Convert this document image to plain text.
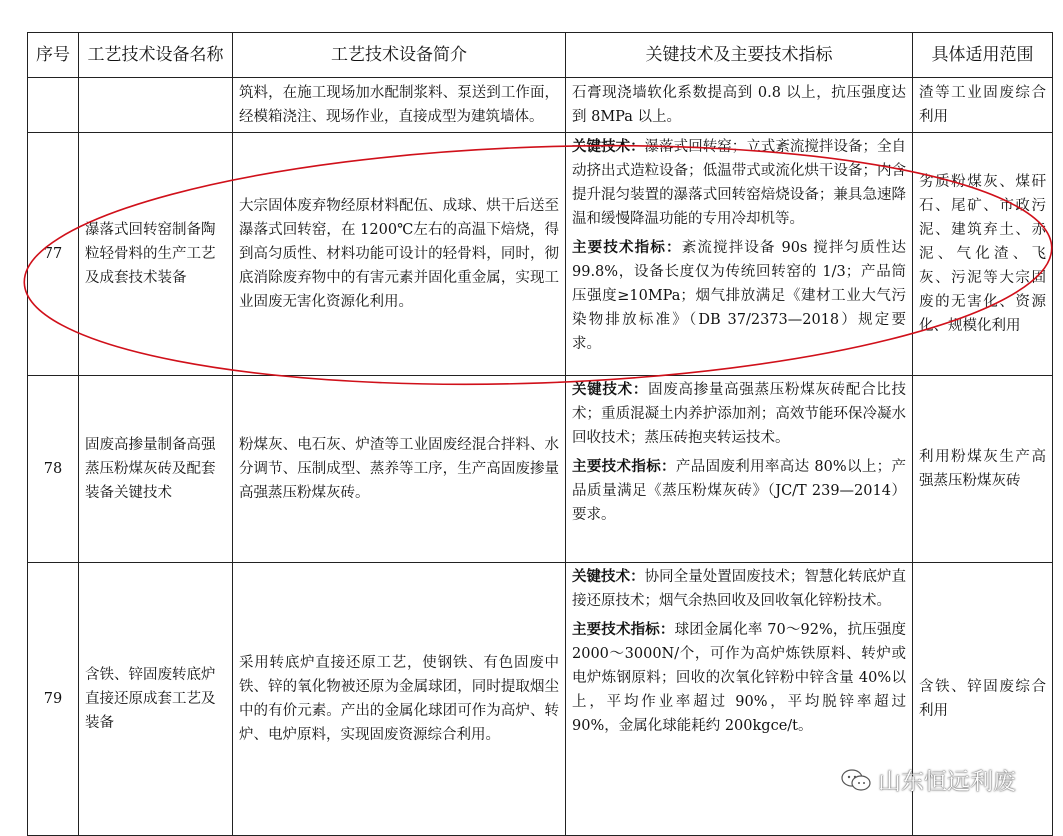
序号	工艺技术设备名称	工艺技术设备简介	关键技术及主要技术指标	具体适用范围
		筑料，在施工现场加水配制浆料、泵送到工作面，经模箱浇注、现场作业，直接成型为建筑墙体。	石膏现浇墙软化系数提高到 0.8 以上，抗压强度达到 8MPa 以上。	渣等工业固废综合利用
77	瀑落式回转窑制备陶粒轻骨料的生产工艺及成套技术装备	大宗固体废弃物经原材料配伍、成球、烘干后送至瀑落式回转窑，在 1200℃左右的高温下焙烧，得到高匀质性、材料功能可设计的轻骨料，同时，彻底消除废弃物中的有害元素并固化重金属，实现工业固废无害化资源化利用。	关键技术：瀑落式回转窑；立式紊流搅拌设备；全自动挤出式造粒设备；低温带式或流化烘干设备；内含提升混匀装置的瀑落式回转窑焙烧设备；兼具急速降温和缓慢降温功能的专用冷却机等。
主要技术指标：紊流搅拌设备 90s 搅拌匀质性达 99.8%，设备长度仅为传统回转窑的 1/3；产品筒压强度≥10MPa；烟气排放满足《建材工业大气污染物排放标准》（DB 37/2373—2018）规定要求。	劣质粉煤灰、煤矸石、尾矿、市政污泥、建筑弃土、赤泥、气化渣、飞灰、污泥等大宗固废的无害化、资源化、规模化利用
78	固废高掺量制备高强蒸压粉煤灰砖及配套装备关键技术	粉煤灰、电石灰、炉渣等工业固废经混合拌料、水分调节、压制成型、蒸养等工序，生产高固废掺量高强蒸压粉煤灰砖。	关键技术：固废高掺量高强蒸压粉煤灰砖配合比技术；重质混凝土内养护添加剂；高效节能环保冷凝水回收技术；蒸压砖抱夹转运技术。
主要技术指标：产品固废利用率高达 80%以上；产品质量满足《蒸压粉煤灰砖》（JC/T 239—2014）要求。	利用粉煤灰生产高强蒸压粉煤灰砖
79	含铁、锌固废转底炉直接还原成套工艺及装备	采用转底炉直接还原工艺，使钢铁、有色固废中铁、锌的氧化物被还原为金属球团，同时提取烟尘中的有价元素。产出的金属化球团可作为高炉、转炉、电炉原料，实现固废资源综合利用。	关键技术：协同全量处置固废技术；智慧化转底炉直接还原技术；烟气余热回收及回收氧化锌粉技术。
主要技术指标：球团金属化率 70～92%，抗压强度 2000～3000N/个，可作为高炉炼铁原料、转炉或电炉炼钢原料；回收的次氧化锌粉中锌含量 40%以上，平均作业率超过 90%，平均脱锌率超过 90%，金属化球能耗约 200kgce/t。	含铁、锌固废综合利用
山东恒远利废
